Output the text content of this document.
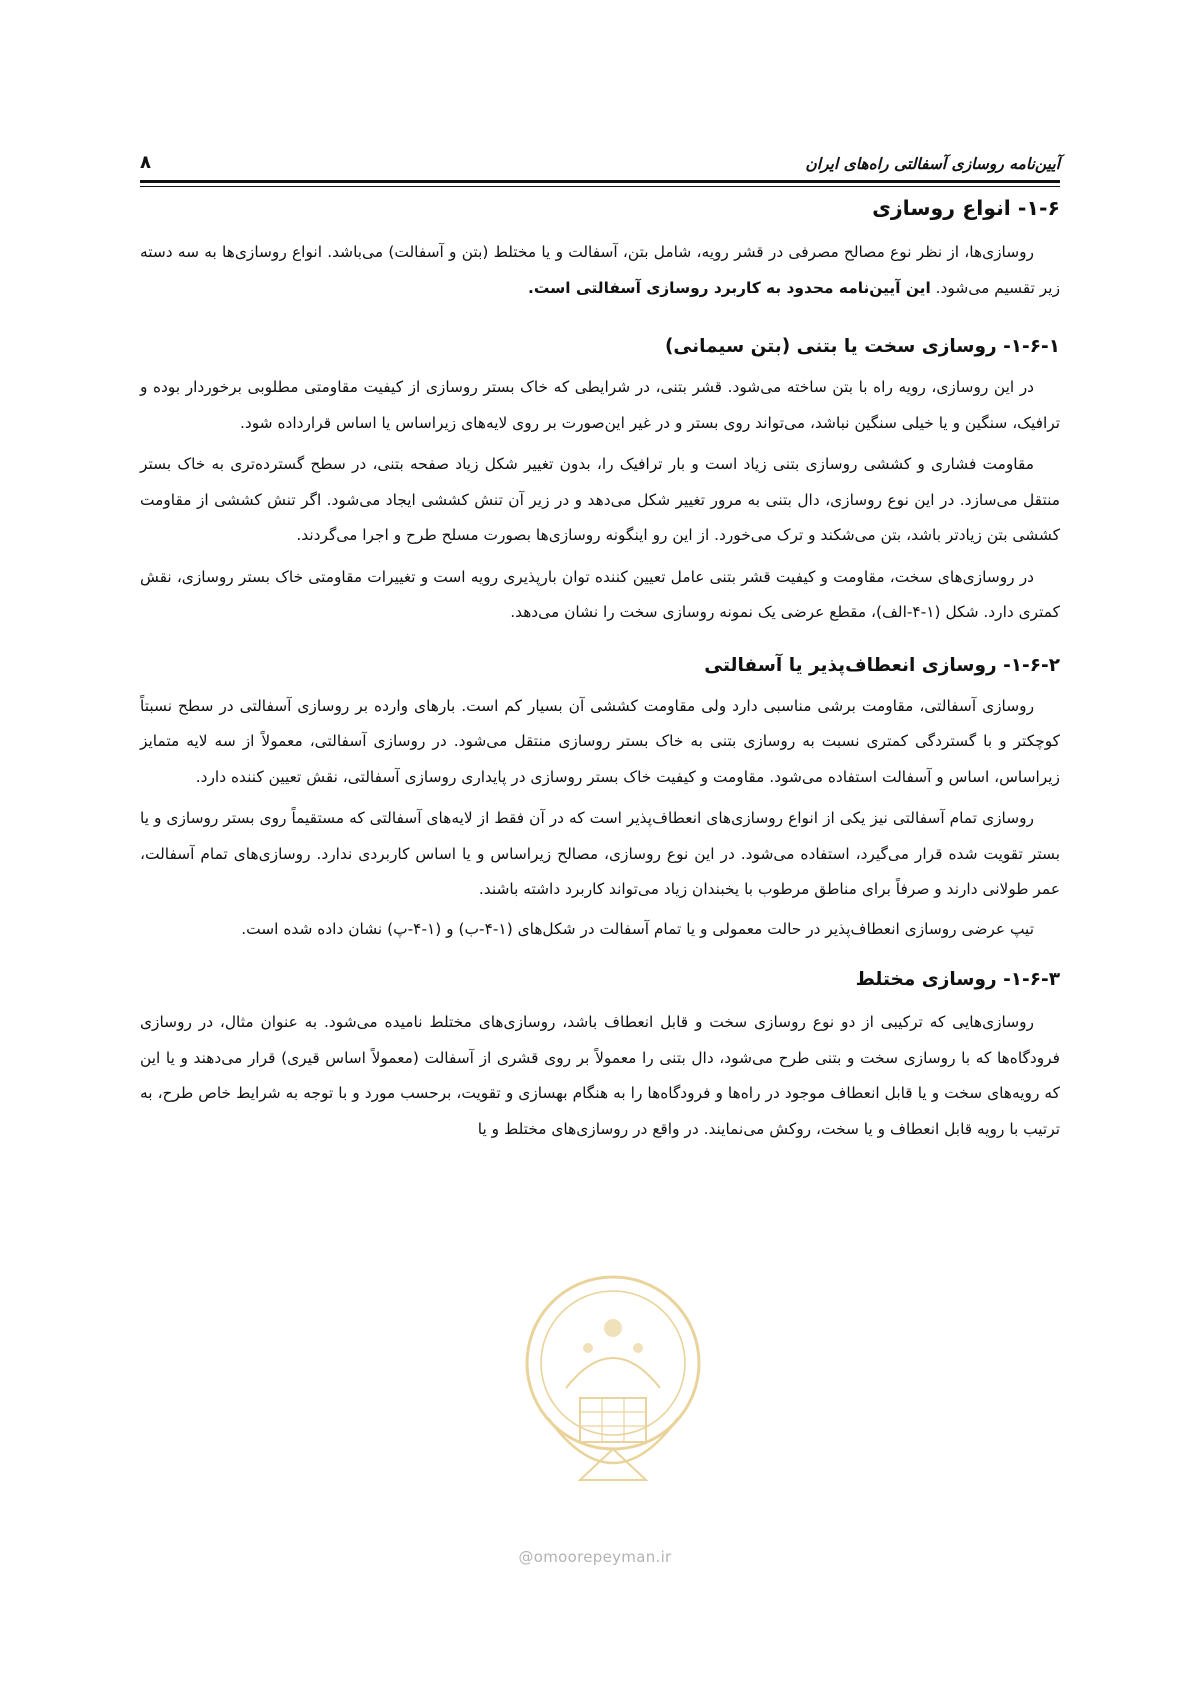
آیین‌نامه روسازی آسفالتی راه‌های ایران
۸
۱-۶- انواع روسازی

روسازی‌ها، از نظر نوع مصالح مصرفی در قشر رویه، شامل بتن، آسفالت و یا مختلط (بتن و آسفالت) می‌باشد. انواع روسازی‌ها به سه دسته زیر تقسیم می‌شود. این آیین‌نامه محدود به کاربرد روسازی آسفالتی است.

۱-۶-۱- روسازی سخت یا بتنی (بتن سیمانی)

در این روسازی، رویه راه با بتن ساخته می‌شود. قشر بتنی، در شرایطی که خاک بستر روسازی از کیفیت مقاومتی مطلوبی برخوردار بوده و ترافیک، سنگین و یا خیلی سنگین نباشد، می‌تواند روی بستر و در غیر این‌صورت بر روی لایه‌های زیراساس یا اساس قرارداده شود.

مقاومت فشاری و کششی روسازی بتنی زیاد است و بار ترافیک را، بدون تغییر شکل زیاد صفحه بتنی، در سطح گسترده‌تری به خاک بستر منتقل می‌سازد. در این نوع روسازی، دال بتنی به مرور تغییر شکل می‌دهد و در زیر آن تنش کششی ایجاد می‌شود. اگر تنش کششی از مقاومت کششی بتن زیادتر باشد، بتن می‌شکند و ترک می‌خورد. از این رو اینگونه روسازی‌ها بصورت مسلح طرح و اجرا می‌گردند.

در روسازی‌های سخت، مقاومت و کیفیت قشر بتنی عامل تعیین کننده توان بارپذیری رویه است و تغییرات مقاومتی خاک بستر روسازی، نقش کمتری دارد. شکل (۱-۴-الف)، مقطع عرضی یک نمونه روسازی سخت را نشان می‌دهد.

۱-۶-۲- روسازی انعطاف‌پذیر یا آسفالتی

روسازی آسفالتی، مقاومت برشی مناسبی دارد ولی مقاومت کششی آن بسیار کم است. بارهای وارده بر روسازی آسفالتی در سطح نسبتاً کوچکتر و با گستردگی کمتری نسبت به روسازی بتنی به خاک بستر روسازی منتقل می‌شود. در روسازی آسفالتی، معمولاً از سه لایه متمایز زیراساس، اساس و آسفالت استفاده می‌شود. مقاومت و کیفیت خاک بستر روسازی در پایداری روسازی آسفالتی، نقش تعیین کننده دارد.

روسازی تمام آسفالتی نیز یکی از انواع روسازی‌های انعطاف‌پذیر است که در آن فقط از لایه‌های آسفالتی که مستقیماً روی بستر روسازی و یا بستر تقویت شده قرار می‌گیرد، استفاده می‌شود. در این نوع روسازی، مصالح زیراساس و یا اساس کاربردی ندارد. روسازی‌های تمام آسفالت، عمر طولانی دارند و صرفاً برای مناطق مرطوب با یخبندان زیاد می‌تواند کاربرد داشته باشند.

تیپ عرضی روسازی انعطاف‌پذیر در حالت معمولی و یا تمام آسفالت در شکل‌های (۱-۴-ب) و (۱-۴-پ) نشان داده شده است.

۱-۶-۳- روسازی مختلط

روسازی‌هایی که ترکیبی از دو نوع روسازی سخت و قابل انعطاف باشد، روسازی‌های مختلط نامیده می‌شود. به عنوان مثال، در روسازی فرودگاه‌ها که با روسازی سخت و بتنی طرح می‌شود، دال بتنی را معمولاً بر روی قشری از آسفالت (معمولاً اساس قیری) قرار می‌دهند و یا این که رویه‌های سخت و یا قابل انعطاف موجود در راه‌ها و فرودگاه‌ها را به هنگام بهسازی و تقویت، برحسب مورد و با توجه به شرایط خاص طرح، به ترتیب با رویه قابل انعطاف و یا سخت، روکش می‌نمایند. در واقع در روسازی‌های مختلط و یا

@omoorepeyman.ir
